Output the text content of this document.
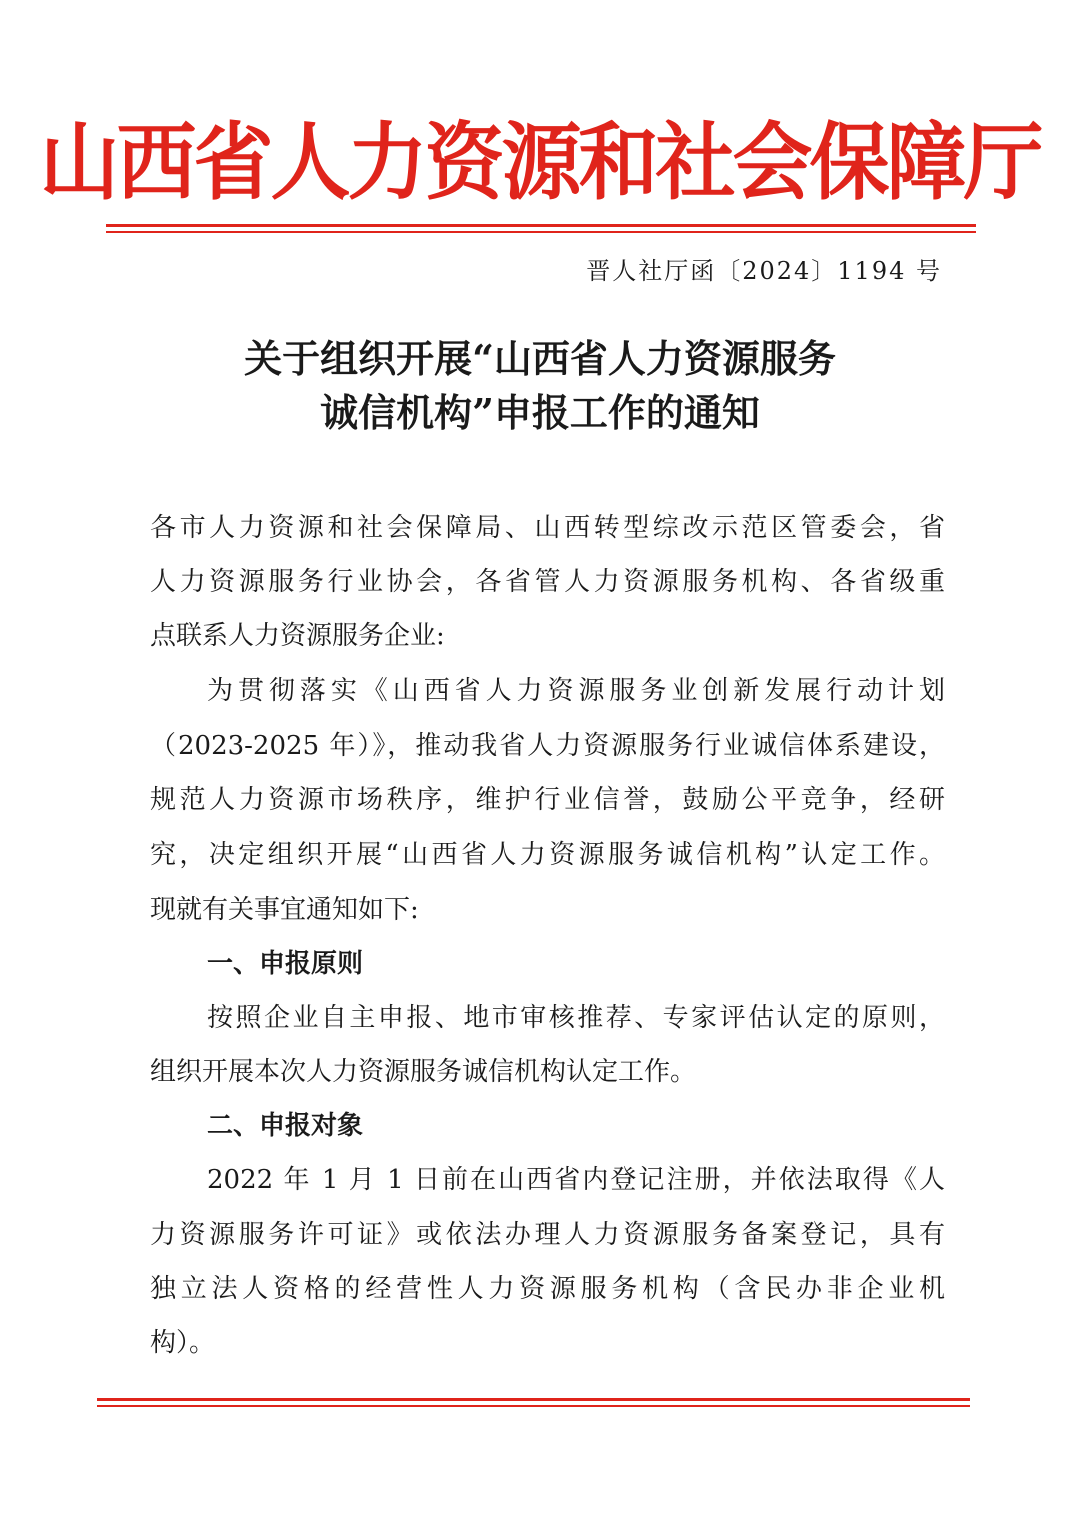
山西省人力资源和社会保障厅
晋人社厅函〔2024〕1194 号
关于组织开展“山西省人力资源服务
诚信机构”申报工作的通知
各市人力资源和社会保障局、山西转型综改示范区管委会，省
人力资源服务行业协会，各省管人力资源服务机构、各省级重
点联系人力资源服务企业:
为贯彻落实《山西省人力资源服务业创新发展行动计划
（2023-2025 年）》，推动我省人力资源服务行业诚信体系建设，
规范人力资源市场秩序，维护行业信誉，鼓励公平竞争，经研
究，决定组织开展“山西省人力资源服务诚信机构”认定工作。
现就有关事宜通知如下:
一、申报原则
按照企业自主申报、地市审核推荐、专家评估认定的原则，
组织开展本次人力资源服务诚信机构认定工作。
二、申报对象
2022 年 1 月 1 日前在山西省内登记注册，并依法取得《人
力资源服务许可证》或依法办理人力资源服务备案登记，具有
独立法人资格的经营性人力资源服务机构（含民办非企业机
构）。
